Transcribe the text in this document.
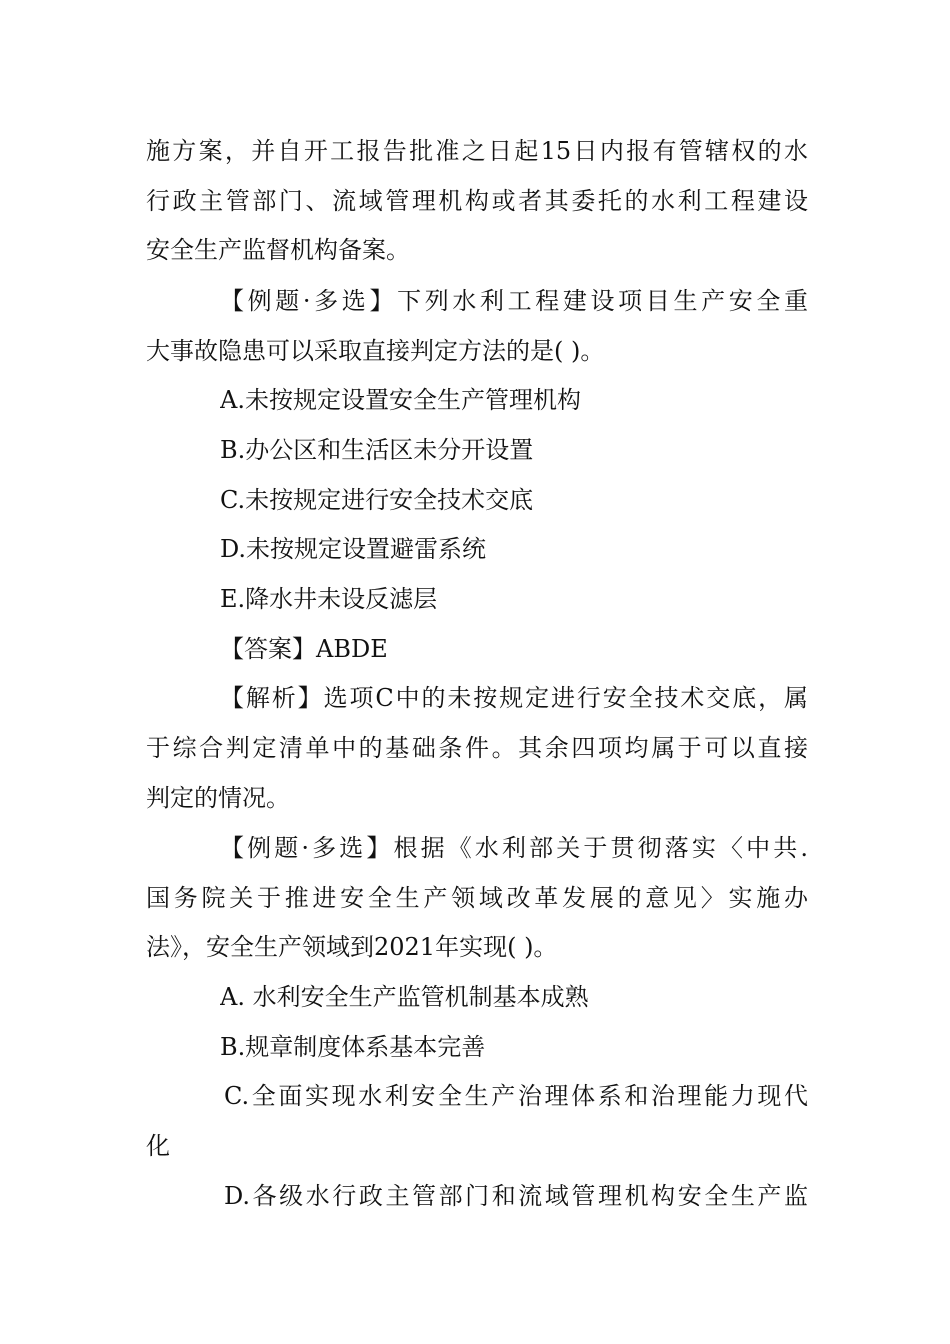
施方案，并自开工报告批准之日起15日内报有管辖权的水
行政主管部门、流域管理机构或者其委托的水利工程建设
安全生产监督机构备案。
【例题·多选】下列水利工程建设项目生产安全重
大事故隐患可以采取直接判定方法的是( )。
A.未按规定设置安全生产管理机构
B.办公区和生活区未分开设置
C.未按规定进行安全技术交底
D.未按规定设置避雷系统
E.降水井未设反滤层
【答案】ABDE
【解析】选项C中的未按规定进行安全技术交底，属
于综合判定清单中的基础条件。其余四项均属于可以直接
判定的情况。
【例题·多选】根据《水利部关于贯彻落实〈中共.
国务院关于推进安全生产领域改革发展的意见〉实施办
法》，安全生产领域到2021年实现( )。
A. 水利安全生产监管机制基本成熟
B.规章制度体系基本完善
C.全面实现水利安全生产治理体系和治理能力现代
化
D.各级水行政主管部门和流域管理机构安全生产监
